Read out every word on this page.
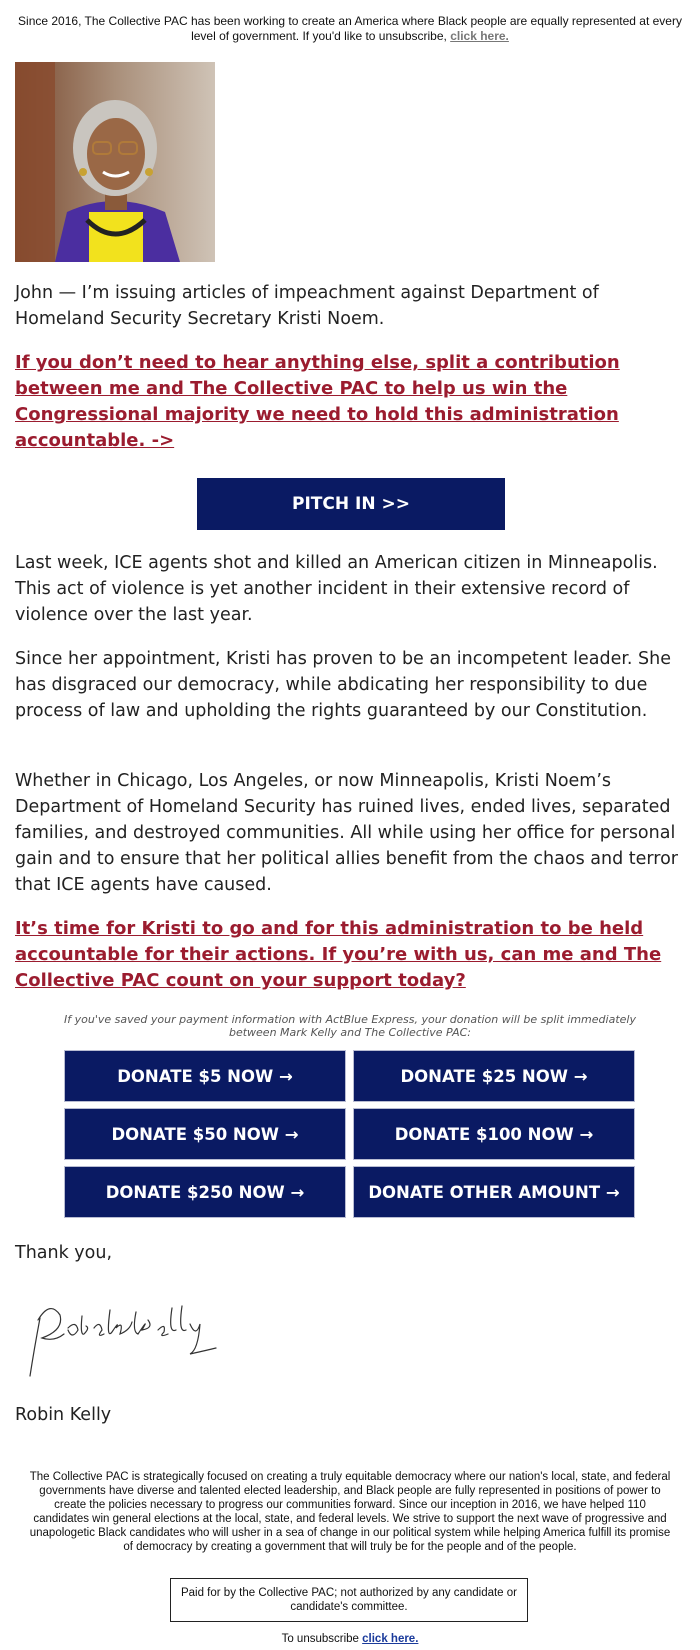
Since 2016, The Collective PAC has been working to create an America where Black people are equally represented at every level of government. If you'd like to unsubscribe, click here.
John — I’m issuing articles of impeachment against Department of Homeland Security Secretary Kristi Noem.
If you don’t need to hear anything else, split a contribution between me and The Collective PAC to help us win the Congressional majority we need to hold this administration accountable. ->
PITCH IN >>
Last week, ICE agents shot and killed an American citizen in Minneapolis. This act of violence is yet another incident in their extensive record of violence over the last year.
Since her appointment, Kristi has proven to be an incompetent leader. She has disgraced our democracy, while abdicating her responsibility to due process of law and upholding the rights guaranteed by our Constitution.
Whether in Chicago, Los Angeles, or now Minneapolis, Kristi Noem’s Department of Homeland Security has ruined lives, ended lives, separated families, and destroyed communities. All while using her office for personal gain and to ensure that her political allies benefit from the chaos and terror that ICE agents have caused.
It’s time for Kristi to go and for this administration to be held accountable for their actions. If you’re with us, can me and The Collective PAC count on your support today?
If you've saved your payment information with ActBlue Express, your donation will be split immediately between Mark Kelly and The Collective PAC:
DONATE $5 NOW →	DONATE $25 NOW →
DONATE $50 NOW →	DONATE $100 NOW →
DONATE $250 NOW →	DONATE OTHER AMOUNT →
Thank you,
Robin Kelly
The Collective PAC is strategically focused on creating a truly equitable democracy where our nation's local, state, and federal governments have diverse and talented elected leadership, and Black people are fully represented in positions of power to create the policies necessary to progress our communities forward. Since our inception in 2016, we have helped 110 candidates win general elections at the local, state, and federal levels. We strive to support the next wave of progressive and unapologetic Black candidates who will usher in a sea of change in our political system while helping America fulfill its promise of democracy by creating a government that will truly be for the people and of the people.
Paid for by the Collective PAC; not authorized by any candidate or candidate's committee.
To unsubscribe click here.
